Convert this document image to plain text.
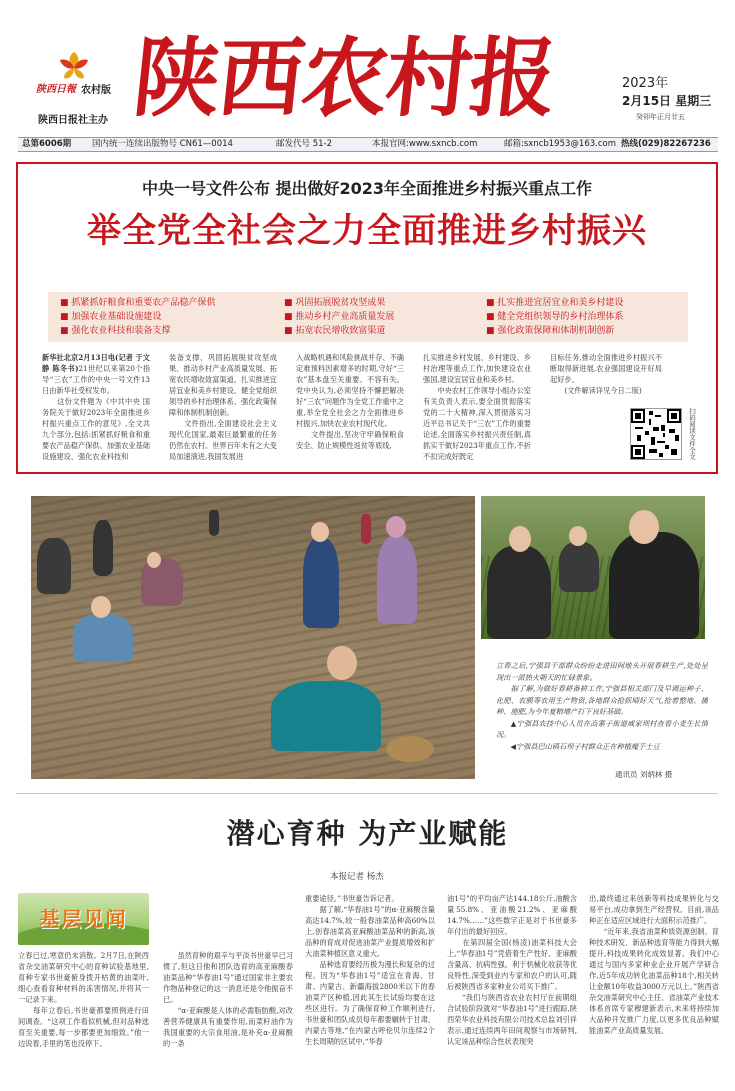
陕西日報 农村版
陕西日报社主办 陕西农村报	2023年
2月15日 星期三
癸卯年正月廿五
总第6006期 国内统一连续出版物号 CN61—0014	邮发代号 51-2	本报官网:www.sxncb.com	邮箱:sxncb1953@163.com 热线(029)82267236
中央一号文件公布 提出做好2023年全面推进乡村振兴重点工作
举全党全社会之力全面推进乡村振兴
■ 抓紧抓好粮食和重要农产品稳产保供
■ 加强农业基础设施建设
■ 强化农业科技和装备支撑
■ 巩固拓展脱贫攻坚成果
■ 推动乡村产业高质量发展
■ 拓宽农民增收致富渠道
■ 扎实推进宜居宜业和美乡村建设
■ 健全党组织领导的乡村治理体系
■ 强化政策保障和体制机制创新
新华社北京2月13日电(记者 于文静 陈冬书)21世纪以来第20个指导“三农”工作的中央一号文件13日由新华社受权发布。
　　这份文件题为《中共中央 国务院关于做好2023年全面推进乡村振兴重点工作的意见》,全文共九个部分,包括:抓紧抓好粮食和重要农产品稳产保供、加强农业基础设施建设、强化农业科技和
装备支撑、巩固拓展脱贫攻坚成果、推动乡村产业高质量发展、拓宽农民增收致富渠道、扎实推进宜居宜业和美乡村建设、健全党组织领导的乡村治理体系、强化政策保障和体制机制创新。
　　文件指出,全面建设社会主义现代化国家,最艰巨最繁重的任务仍然在农村。世界百年未有之大变局加速演进,我国发展进
入战略机遇和风险挑战并存、不确定难预料因素增多的时期,守好“三农”基本盘至关重要、不容有失。党中央认为,必须坚持不懈把解决好“三农”问题作为全党工作重中之重,举全党全社会之力全面推进乡村振兴,加快农业农村现代化。
　　文件提出,坚决守牢确保粮食安全、防止规模性返贫等底线,
扎实推进乡村发展、乡村建设、乡村治理等重点工作,加快建设农业强国,建设宜居宜业和美乡村。
　　中央农村工作领导小组办公室有关负责人表示,要全面贯彻落实党的二十大精神,深入贯彻落实习近平总书记关于“三农”工作的重要论述,全面落实乡村振兴责任制,真抓实干做好2023年重点工作,不折不扣完成好既定
目标任务,推动全面推进乡村振兴不断取得新进展,农业强国建设开好局起好步。
　　(文件解读详见今日二版)
扫码阅读文件全文
立春之后,宁强县干部群众纷纷走进田间地头开展春耕生产,处处呈现出一派热火朝天的忙碌景象。
　　据了解,为做好春耕备耕工作,宁强县相关部门及早调运种子、化肥、农膜等农用生产物资,各地群众抢抓晴好天气,抢着整地、播种、施肥,为今年夏粮增产打下良好基础。
　　▲宁强县农技中心人员在高寨子街道威家坝村查看小麦生长情况。
　　◀宁强县巴山镇石坝子村群众正在种植魔芋土豆
通讯员 刘炳林 摄
潜心育种 为产业赋能
本报记者 杨杰
基层见闻
立春已过,寒意仍未消散。2月7日,在陕西省杂交油菜研究中心的育种试验基地里,育种专家书世豪俯身拨开枯黄的油菜叶,细心查看育种材料的冻害情况,并将其一一记录下来。
　　每年立春后,书世豪都要照例进行田间调查。“这项工作看似机械,但对品种选育至关重要,每一步都要更加细致。”他一边说着,手里的笔也没停下。
　　虽然育种的艰辛与平淡书世豪早已习惯了,但这日他和团队选育的高亚麻酸春油菜品种“华春油1号”通过国家非主要农作物品种登记的这一消息还是令他振奋不已。
　　“α-亚麻酸是人体的必需脂肪酸,对改善营养健康具有重要作用,而菜籽油作为我国重要的大宗食用油,是补充α-亚麻酸的一条
重要途径。”书世豪告诉记者。
　　据了解,“华春油1号”的α-亚麻酸含量高达14.7%,较一般春油菜品种高60%以上,创春油菜高亚麻酸油菜品种的新高,该品种的育成对促进油菜产业提质增效和扩大油菜种植区意义重大。
　　品种选育要经历极为漫长和复杂的过程。因为“华春油1号”适宜在青海、甘肃、内蒙古、新疆海拔2800米以下的春油菜产区种植,因此其生长试验均要在这些区进行。为了确保育种工作顺利进行,书世豪和团队成员每年都要辗转于甘肃、内蒙古等地,“在内蒙古呼伦贝尔连续2个生长周期的区试中,“华春
油1号”的平均亩产达144.18公斤,油酸含量55.8%、亚油酸21.2%、亚麻酸14.7%……”这些数字正是对于书世豪多年付出的最好回应。
　　在第四届全国(杨凌)油菜科技大会上,“华春油1号”凭借着生产性好、亚麻酸含量高、抗病性强、利于机械化收获等优良特性,深受到业内专家和农户的认可,随后被陕西省多家种业公司买下推广。
　　“我们与陕西省农业农村厅在前期组合试验阶段就对“华春油1号”进行跟踪,陕西荣华农业科技有限公司技术总监刘引祥表示,通过连续两年田间观察与市场研判,认定该品种综合性状表现突
出,最终通过来创新等科技成果转化与交易平台,成功拿到生产经营权。目前,该品种正在适应区域进行大面积示范推广。
　　“近年来,我省油菜种质资源创制、育种技术研发、新品种选育等能力得到大幅提升,科技成果转化成效显著。我们中心通过与国内多家种业企业开展产学研合作,近5年成功转化油菜品种18个,相关转让金额10年收益3000万元以上。”陕西省杂交油菜研究中心主任、省油菜产业技术体系首席专家穆建新表示,未来将持续加大品种开发推广力度,以更多优良品种赋能油菜产业高质量发展。
